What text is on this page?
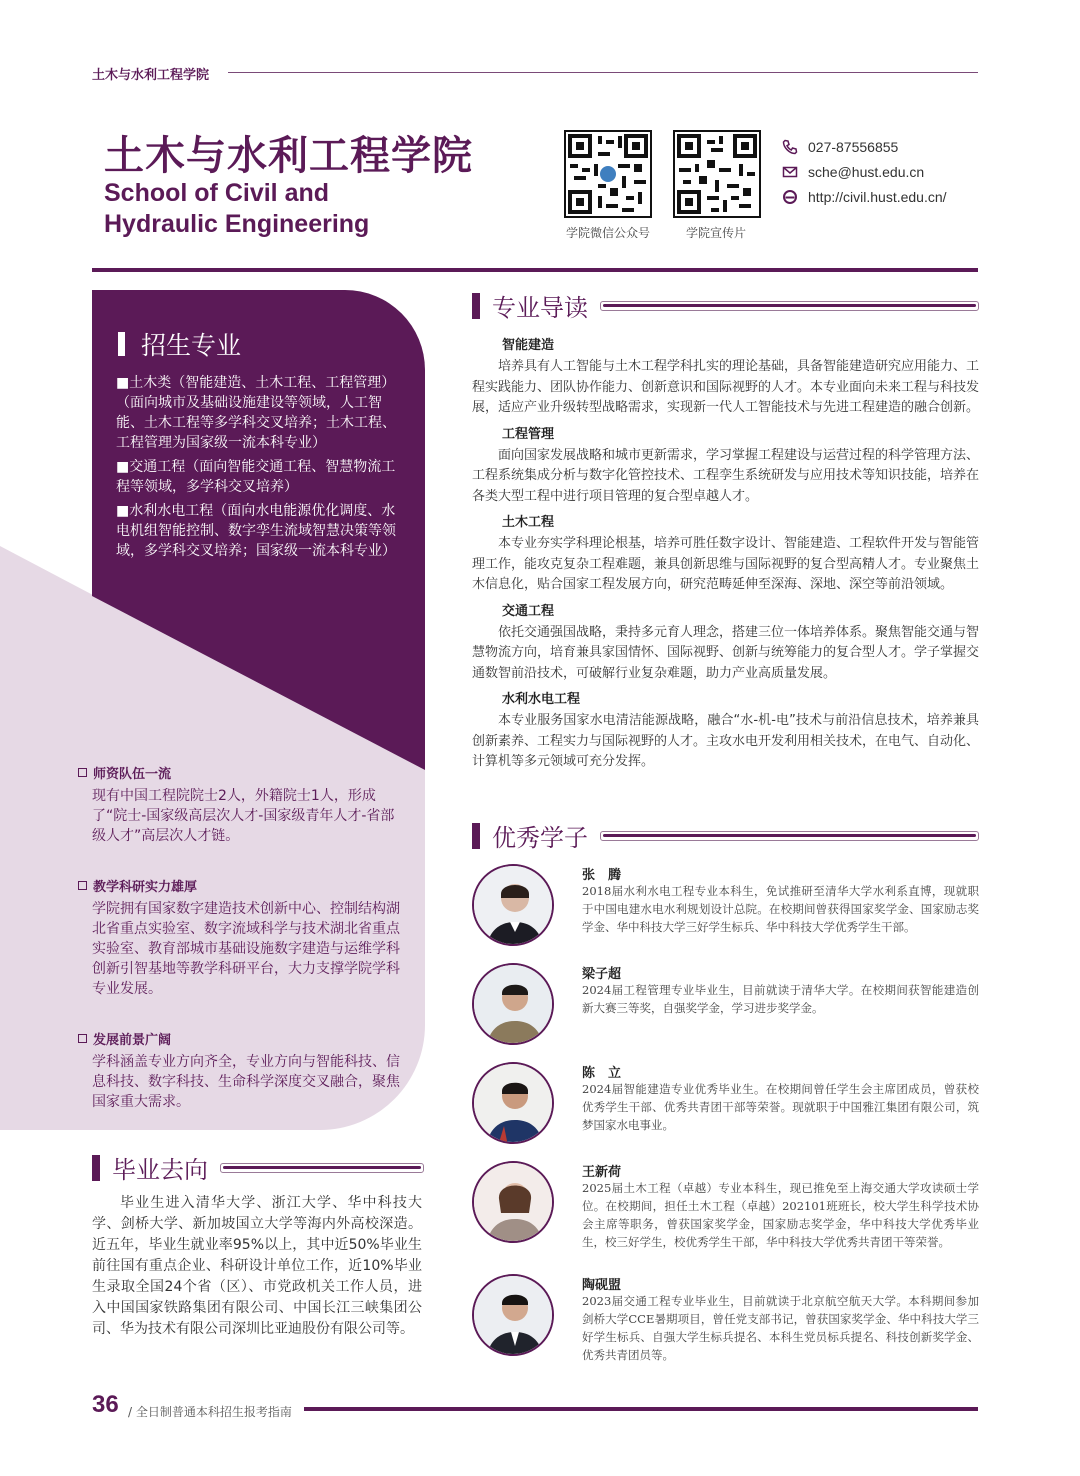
土木与水利工程学院
土木与水利工程学院
School of Civil and
Hydraulic Engineering	学院微信公众号	学院宣传片
027-87556855
sche@hust.edu.cn
http://civil.hust.edu.cn/
招生专业

■土木类（智能建造、土木工程、工程管理）（面向城市及基础设施建设等领域，人工智能、土木工程等多学科交叉培养；土木工程、工程管理为国家级一流本科专业）

■交通工程（面向智能交通工程、智慧物流工程等领域，多学科交叉培养）

■水利水电工程（面向水电能源优化调度、水电机组智能控制、数字孪生流域智慧决策等领域，多学科交叉培养；国家级一流本科专业）

师资队伍一流
现有中国工程院院士2人，外籍院士1人，形成了“院士-国家级高层次人才-国家级青年人才-省部级人才”高层次人才链。
教学科研实力雄厚
学院拥有国家数字建造技术创新中心、控制结构湖北省重点实验室、数字流域科学与技术湖北省重点实验室、教育部城市基础设施数字建造与运维学科创新引智基地等教学科研平台，大力支撑学院学科专业发展。
发展前景广阔
学科涵盖专业方向齐全，专业方向与智能科技、信息科技、数字科技、生命科学深度交叉融合，聚焦国家重大需求。
毕业去向
毕业生进入清华大学、浙江大学、华中科技大学、剑桥大学、新加坡国立大学等海内外高校深造。近五年，毕业生就业率95%以上，其中近50%毕业生前往国有重点企业、科研设计单位工作，近10%毕业生录取全国24个省（区）、市党政机关工作人员，进入中国国家铁路集团有限公司、中国长江三峡集团公司、华为技术有限公司深圳比亚迪股份有限公司等。
专业导读
智能建造
培养具有人工智能与土木工程学科扎实的理论基础，具备智能建造研究应用能力、工程实践能力、团队协作能力、创新意识和国际视野的人才。本专业面向未来工程与科技发展，适应产业升级转型战略需求，实现新一代人工智能技术与先进工程建造的融合创新。
工程管理
面向国家发展战略和城市更新需求，学习掌握工程建设与运营过程的科学管理方法、工程系统集成分析与数字化管控技术、工程孪生系统研发与应用技术等知识技能，培养在各类大型工程中进行项目管理的复合型卓越人才。
土木工程
本专业夯实学科理论根基，培养可胜任数字设计、智能建造、工程软件开发与智能管理工作，能攻克复杂工程难题，兼具创新思维与国际视野的复合型高精人才。专业聚焦土木信息化，贴合国家工程发展方向，研究范畴延伸至深海、深地、深空等前沿领域。
交通工程
依托交通强国战略，秉持多元育人理念，搭建三位一体培养体系。聚焦智能交通与智慧物流方向，培育兼具家国情怀、国际视野、创新与统筹能力的复合型人才。学子掌握交通数智前沿技术，可破解行业复杂难题，助力产业高质量发展。
水利水电工程
本专业服务国家水电清洁能源战略，融合“水-机-电”技术与前沿信息技术，培养兼具创新素养、工程实力与国际视野的人才。主攻水电开发利用相关技术，在电气、自动化、计算机等多元领域可充分发挥。
优秀学子
张　腾
2018届水利水电工程专业本科生，免试推研至清华大学水利系直博，现就职于中国电建水电水利规划设计总院。在校期间曾获得国家奖学金、国家励志奖学金、华中科技大学三好学生标兵、华中科技大学优秀学生干部。
梁子超
2024届工程管理专业毕业生，目前就读于清华大学。在校期间获智能建造创新大赛三等奖，自强奖学金，学习进步奖学金。
陈　立
2024届智能建造专业优秀毕业生。在校期间曾任学生会主席团成员，曾获校优秀学生干部、优秀共青团干部等荣誉。现就职于中国雅江集团有限公司，筑梦国家水电事业。
王新荷
2025届土木工程（卓越）专业本科生，现已推免至上海交通大学攻读硕士学位。在校期间，担任土木工程（卓越）202101班班长，校大学生科学技术协会主席等职务，曾获国家奖学金，国家励志奖学金，华中科技大学优秀毕业生，校三好学生，校优秀学生干部，华中科技大学优秀共青团干等荣誉。
陶砚盟
2023届交通工程专业毕业生，目前就读于北京航空航天大学。本科期间参加剑桥大学CCE暑期项目，曾任党支部书记，曾获国家奖学金、华中科技大学三好学生标兵、自强大学生标兵提名、本科生党员标兵提名、科技创新奖学金、优秀共青团员等。
36 / 全日制普通本科招生报考指南
